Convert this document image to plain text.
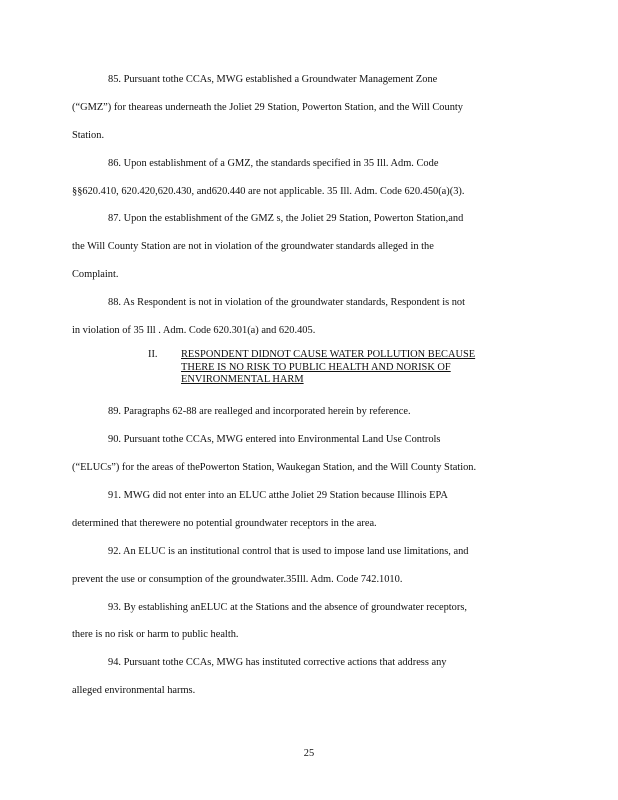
85. Pursuant tothe CCAs, MWG established a Groundwater Management Zone
(“GMZ”) for theareas underneath the Joliet 29 Station, Powerton Station, and the Will County
Station.
86. Upon establishment of a GMZ, the standards specified in 35 Ill. Adm. Code
§§620.410, 620.420,620.430, and620.440 are not applicable. 35 Ill. Adm. Code 620.450(a)(3).
87. Upon the establishment of the GMZ s, the Joliet 29 Station, Powerton Station,and
the Will County Station are not in violation of the groundwater standards alleged in the
Complaint.
88. As Respondent is not in violation of the groundwater standards, Respondent is not
in violation of 35 Ill . Adm. Code 620.301(a) and 620.405.
II. RESPONDENT DIDNOT CAUSE WATER POLLUTION BECAUSE
THERE IS NO RISK TO PUBLIC HEALTH AND NORISK OF
ENVIRONMENTAL HARM
89. Paragraphs 62-88 are realleged and incorporated herein by reference.
90. Pursuant tothe CCAs, MWG entered into Environmental Land Use Controls
(“ELUCs”) for the areas of thePowerton Station, Waukegan Station, and the Will County Station.
91. MWG did not enter into an ELUC atthe Joliet 29 Station because Illinois EPA
determined that therewere no potential groundwater receptors in the area.
92. An ELUC is an institutional control that is used to impose land use limitations, and
prevent the use or consumption of the groundwater.35Ill. Adm. Code 742.1010.
93. By establishing anELUC at the Stations and the absence of groundwater receptors,
there is no risk or harm to public health.
94. Pursuant tothe CCAs, MWG has instituted corrective actions that address any
alleged environmental harms.
25
